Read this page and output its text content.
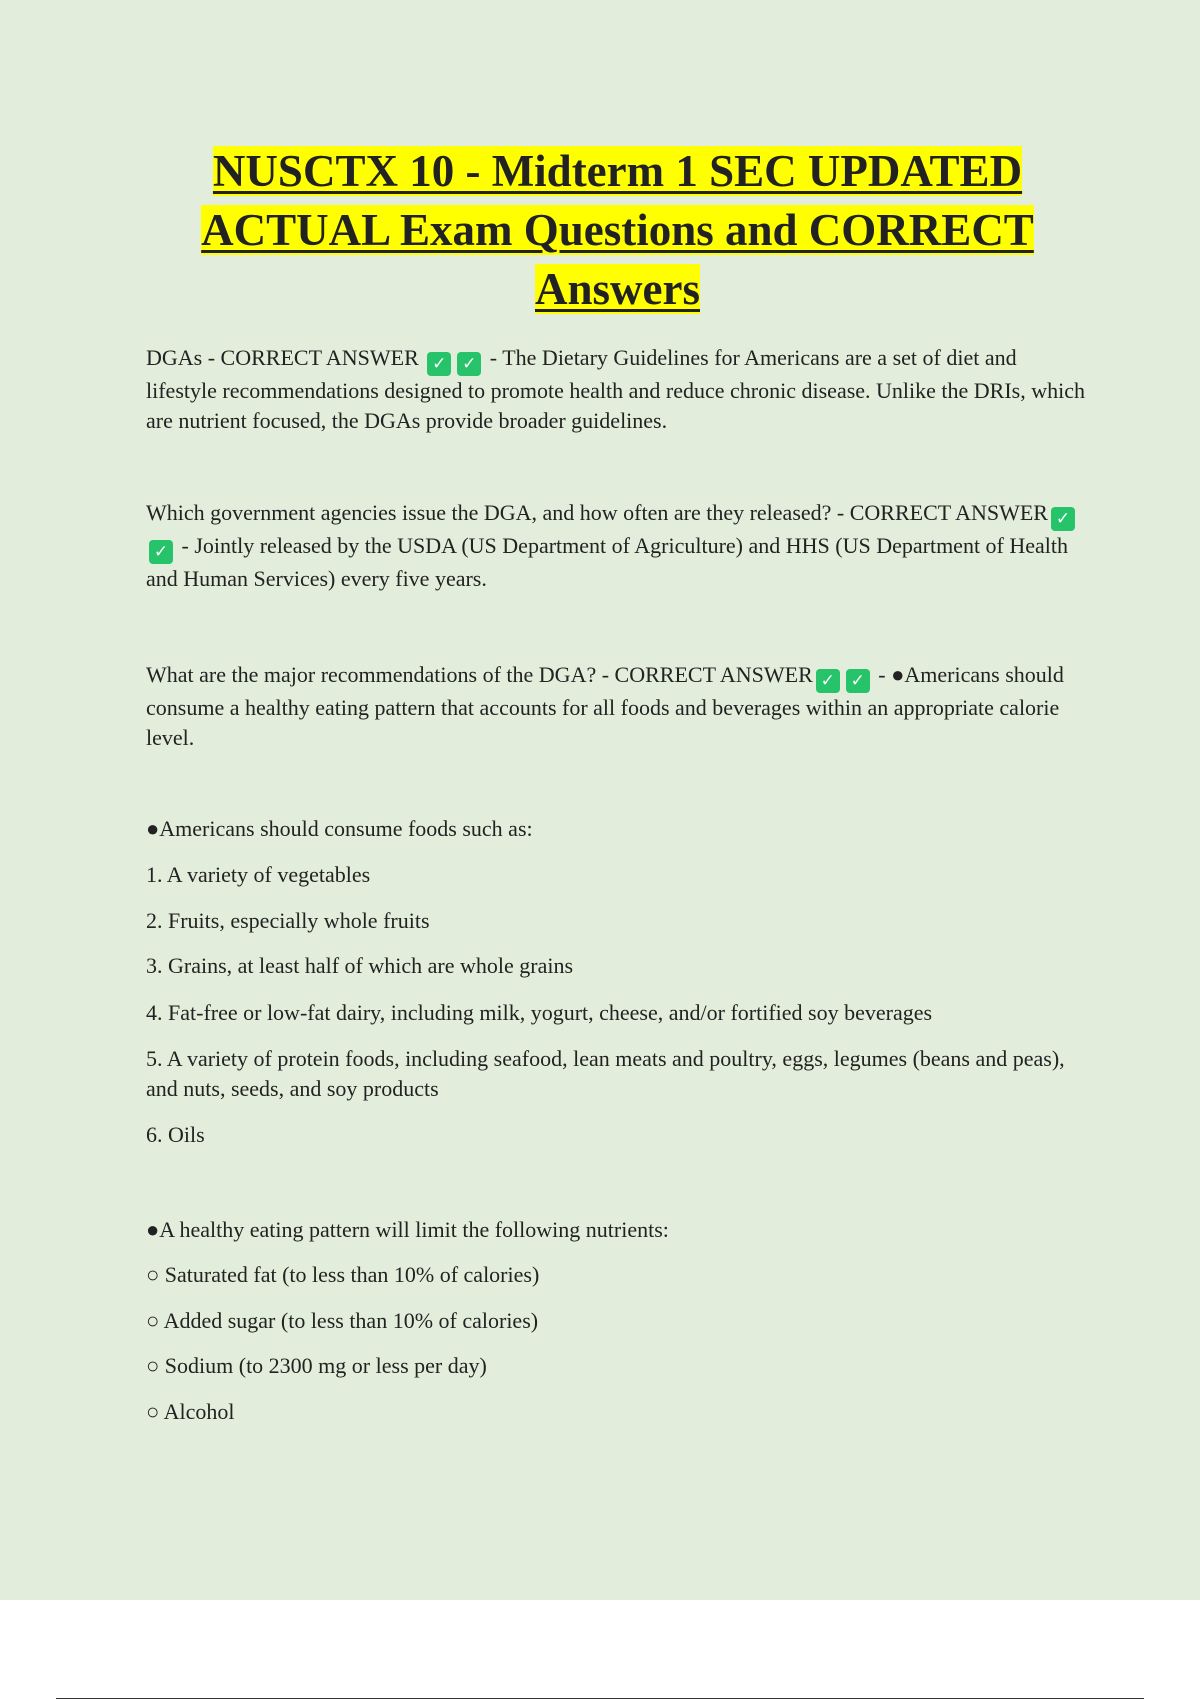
NUSCTX 10 - Midterm 1 SEC UPDATED
ACTUAL Exam Questions and CORRECT
Answers

DGAs - CORRECT ANSWER ✓ ✓ - The Dietary Guidelines for Americans are a set of diet and lifestyle recommendations designed to promote health and reduce chronic disease. Unlike the DRIs, which are nutrient focused, the DGAs provide broader guidelines.

Which government agencies issue the DGA, and how often are they released? - CORRECT ANSWER ✓✓ - Jointly released by the USDA (US Department of Agriculture) and HHS (US Department of Health and Human Services) every five years.

What are the major recommendations of the DGA? - CORRECT ANSWER ✓ ✓ - ●Americans should consume a healthy eating pattern that accounts for all foods and beverages within an appropriate calorie level.

●Americans should consume foods such as:

1. A variety of vegetables

2. Fruits, especially whole fruits

3. Grains, at least half of which are whole grains

4. Fat-free or low-fat dairy, including milk, yogurt, cheese, and/or fortified soy beverages

5. A variety of protein foods, including seafood, lean meats and poultry, eggs, legumes (beans and peas), and nuts, seeds, and soy products

6. Oils

●A healthy eating pattern will limit the following nutrients:

○ Saturated fat (to less than 10% of calories)

○ Added sugar (to less than 10% of calories)

○ Sodium (to 2300 mg or less per day)

○ Alcohol
